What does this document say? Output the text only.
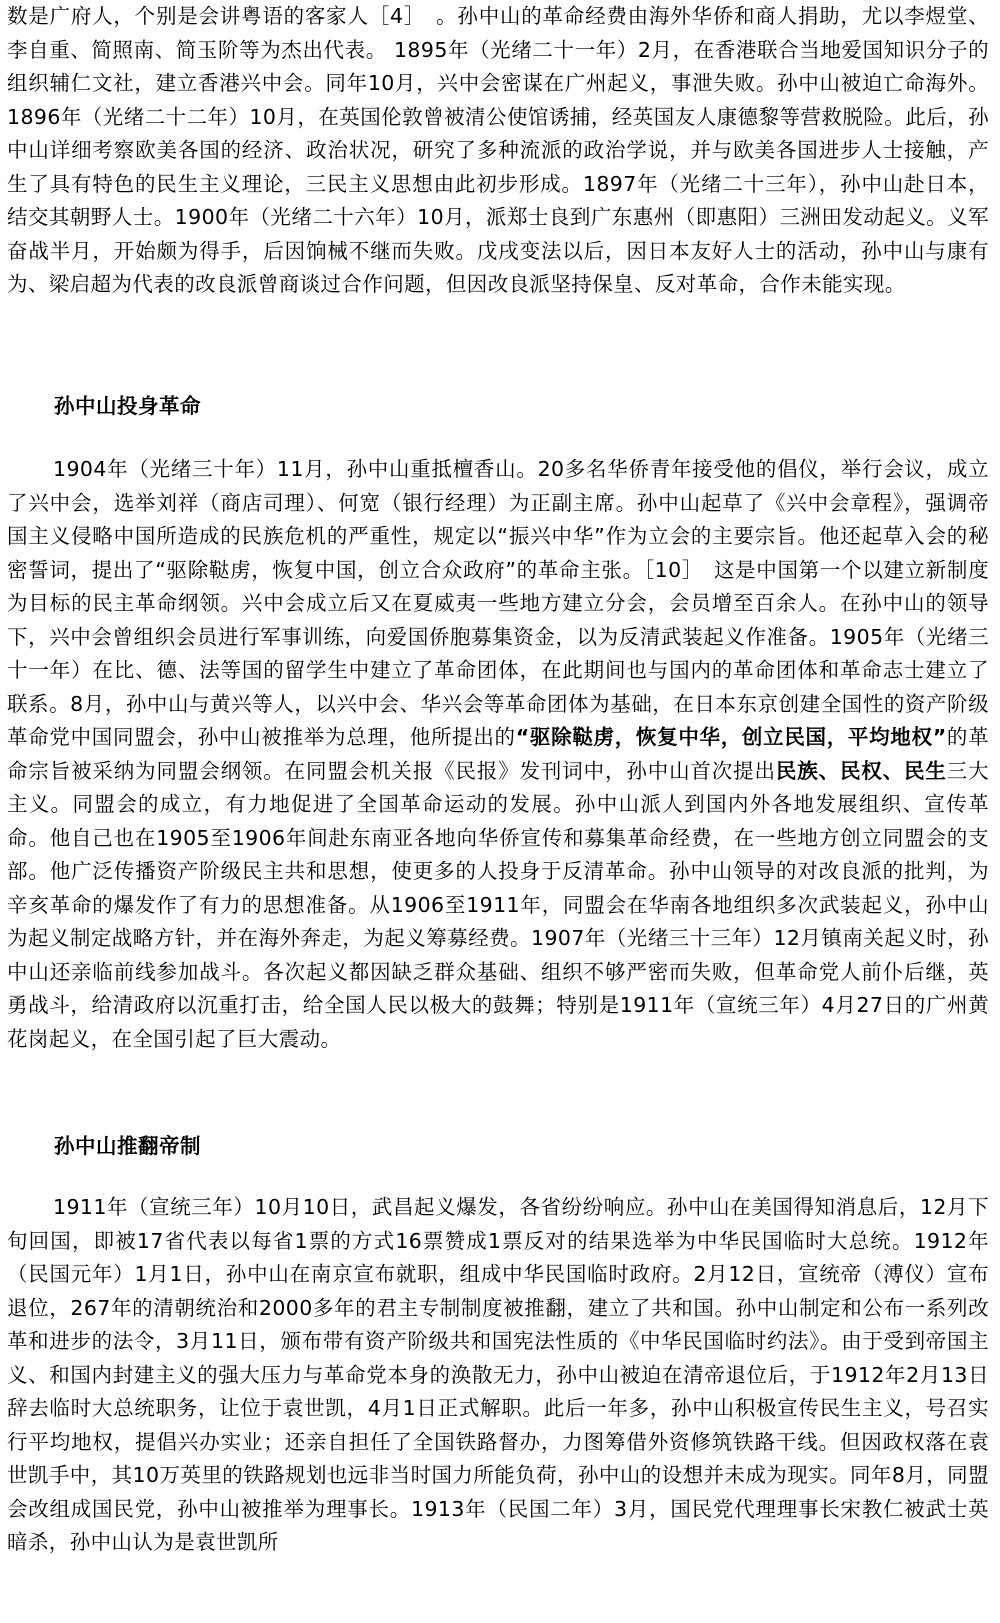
数是广府人，个别是会讲粤语的客家人［4］　。孙中山的革命经费由海外华侨和商人捐助，尤以李煜堂、李自重、简照南、简玉阶等为杰出代表。 1895年（光绪二十一年）2月，在香港联合当地爱国知识分子的组织辅仁文社，建立香港兴中会。同年10月，兴中会密谋在广州起义，事泄失败。孙中山被迫亡命海外。1896年（光绪二十二年）10月，在英国伦敦曾被清公使馆诱捕，经英国友人康德黎等营救脱险。此后，孙中山详细考察欧美各国的经济、政治状况，研究了多种流派的政治学说，并与欧美各国进步人士接触，产生了具有特色的民生主义理论，三民主义思想由此初步形成。1897年（光绪二十三年），孙中山赴日本，结交其朝野人士。1900年（光绪二十六年）10月，派郑士良到广东惠州（即惠阳）三洲田发动起义。义军奋战半月，开始颇为得手，后因饷械不继而失败。戊戌变法以后，因日本友好人士的活动，孙中山与康有为、梁启超为代表的改良派曾商谈过合作问题，但因改良派坚持保皇、反对革命，合作未能实现。

孙中山投身革命

1904年（光绪三十年）11月，孙中山重抵檀香山。20多名华侨青年接受他的倡仪，举行会议，成立了兴中会，选举刘祥（商店司理）、何宽（银行经理）为正副主席。孙中山起草了《兴中会章程》，强调帝国主义侵略中国所造成的民族危机的严重性，规定以“振兴中华”作为立会的主要宗旨。他还起草入会的秘密誓词，提出了“驱除鞑虏，恢复中国，创立合众政府”的革命主张。［10］　这是中国第一个以建立新制度为目标的民主革命纲领。兴中会成立后又在夏威夷一些地方建立分会，会员增至百余人。在孙中山的领导下，兴中会曾组织会员进行军事训练，向爱国侨胞募集资金，以为反清武装起义作准备。1905年（光绪三十一年）在比、德、法等国的留学生中建立了革命团体，在此期间也与国内的革命团体和革命志士建立了联系。8月，孙中山与黄兴等人，以兴中会、华兴会等革命团体为基础，在日本东京创建全国性的资产阶级革命党中国同盟会，孙中山被推举为总理，他所提出的“驱除鞑虏，恢复中华，创立民国，平均地权”的革命宗旨被采纳为同盟会纲领。在同盟会机关报《民报》发刊词中，孙中山首次提出民族、民权、民生三大主义。同盟会的成立，有力地促进了全国革命运动的发展。孙中山派人到国内外各地发展组织、宣传革命。他自己也在1905至1906年间赴东南亚各地向华侨宣传和募集革命经费，在一些地方创立同盟会的支部。他广泛传播资产阶级民主共和思想，使更多的人投身于反清革命。孙中山领导的对改良派的批判，为辛亥革命的爆发作了有力的思想准备。从1906至1911年，同盟会在华南各地组织多次武装起义，孙中山为起义制定战略方针，并在海外奔走，为起义筹募经费。1907年（光绪三十三年）12月镇南关起义时，孙中山还亲临前线参加战斗。各次起义都因缺乏群众基础、组织不够严密而失败，但革命党人前仆后继，英勇战斗，给清政府以沉重打击，给全国人民以极大的鼓舞；特别是1911年（宣统三年）4月27日的广州黄花岗起义，在全国引起了巨大震动。

孙中山推翻帝制

1911年（宣统三年）10月10日，武昌起义爆发，各省纷纷响应。孙中山在美国得知消息后，12月下旬回国，即被17省代表以每省1票的方式16票赞成1票反对的结果选举为中华民国临时大总统。1912年（民国元年）1月1日，孙中山在南京宣布就职，组成中华民国临时政府。2月12日，宣统帝（溥仪）宣布退位，267年的清朝统治和2000多年的君主专制制度被推翻，建立了共和国。孙中山制定和公布一系列改革和进步的法令，3月11日，颁布带有资产阶级共和国宪法性质的《中华民国临时约法》。由于受到帝国主义、和国内封建主义的强大压力与革命党本身的涣散无力，孙中山被迫在清帝退位后，于1912年2月13日辞去临时大总统职务，让位于袁世凯，4月1日正式解职。此后一年多，孙中山积极宣传民生主义，号召实行平均地权，提倡兴办实业；还亲自担任了全国铁路督办，力图筹借外资修筑铁路干线。但因政权落在袁世凯手中，其10万英里的铁路规划也远非当时国力所能负荷，孙中山的设想并未成为现实。同年8月，同盟会改组成国民党，孙中山被推举为理事长。1913年（民国二年）3月，国民党代理理事长宋教仁被武士英暗杀，孙中山认为是袁世凯所
